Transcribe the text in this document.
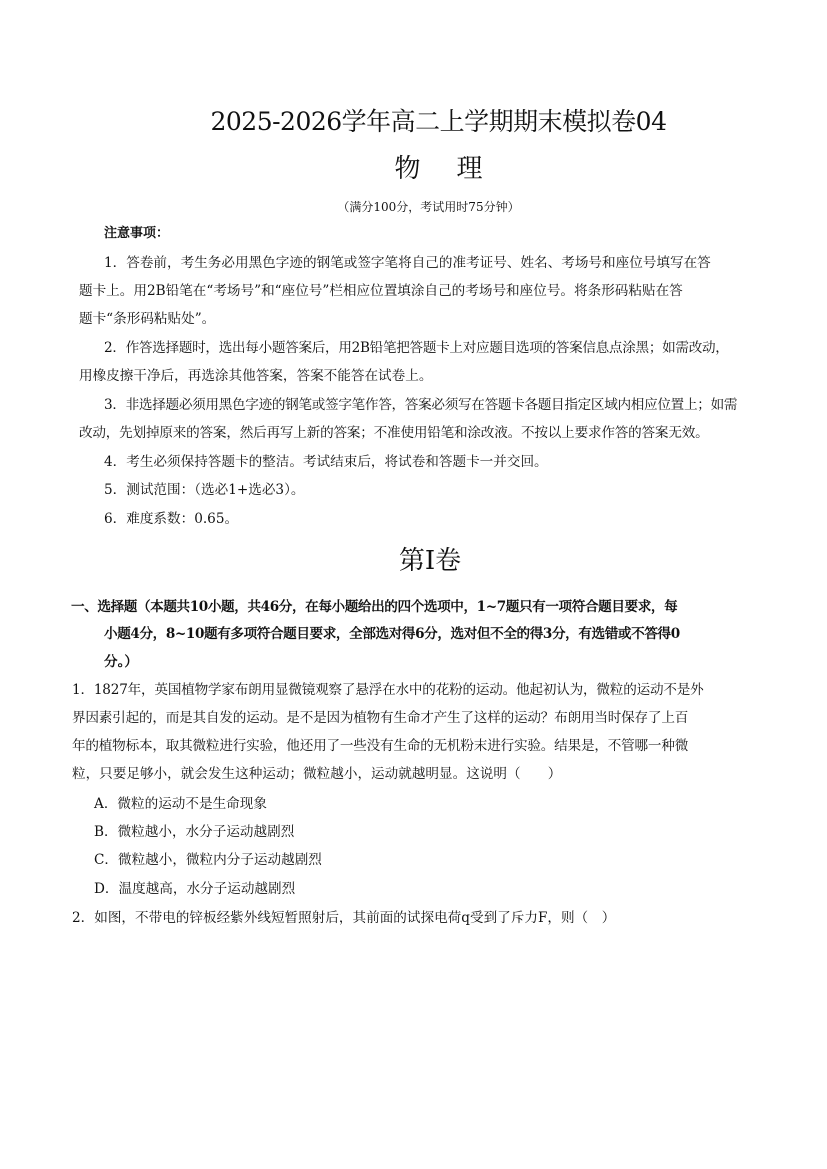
2025-2026学年高二上学期期末模拟卷04
物 理
（满分100分，考试用时75分钟）
注意事项：
1．答卷前，考生务必用黑色字迹的钢笔或签字笔将自己的准考证号、姓名、考场号和座位号填写在答
题卡上。用2B铅笔在“考场号”和“座位号”栏相应位置填涂自己的考场号和座位号。将条形码粘贴在答
题卡“条形码粘贴处”。
2．作答选择题时，选出每小题答案后，用2B铅笔把答题卡上对应题目选项的答案信息点涂黑；如需改动，
用橡皮擦干净后，再选涂其他答案，答案不能答在试卷上。
3．非选择题必须用黑色字迹的钢笔或签字笔作答，答案必须写在答题卡各题目指定区域内相应位置上；如需
改动，先划掉原来的答案，然后再写上新的答案；不准使用铅笔和涂改液。不按以上要求作答的答案无效。
4．考生必须保持答题卡的整洁。考试结束后，将试卷和答题卡一并交回。
5．测试范围：（选必1+选必3）。
6．难度系数：0.65。
第I卷
一、选择题（本题共10小题，共46分，在每小题给出的四个选项中，1~7题只有一项符合题目要求，每
小题4分，8~10题有多项符合题目要求，全部选对得6分，选对但不全的得3分，有选错或不答得0
分。）
1．1827年，英国植物学家布朗用显微镜观察了悬浮在水中的花粉的运动。他起初认为，微粒的运动不是外
界因素引起的，而是其自发的运动。是不是因为植物有生命才产生了这样的运动？布朗用当时保存了上百
年的植物标本，取其微粒进行实验，他还用了一些没有生命的无机粉末进行实验。结果是，不管哪一种微
粒，只要足够小，就会发生这种运动；微粒越小，运动就越明显。这说明（　　）
A．微粒的运动不是生命现象
B．微粒越小，水分子运动越剧烈
C．微粒越小，微粒内分子运动越剧烈
D．温度越高，水分子运动越剧烈
2．如图，不带电的锌板经紫外线短暂照射后，其前面的试探电荷q受到了斥力F，则（　）
